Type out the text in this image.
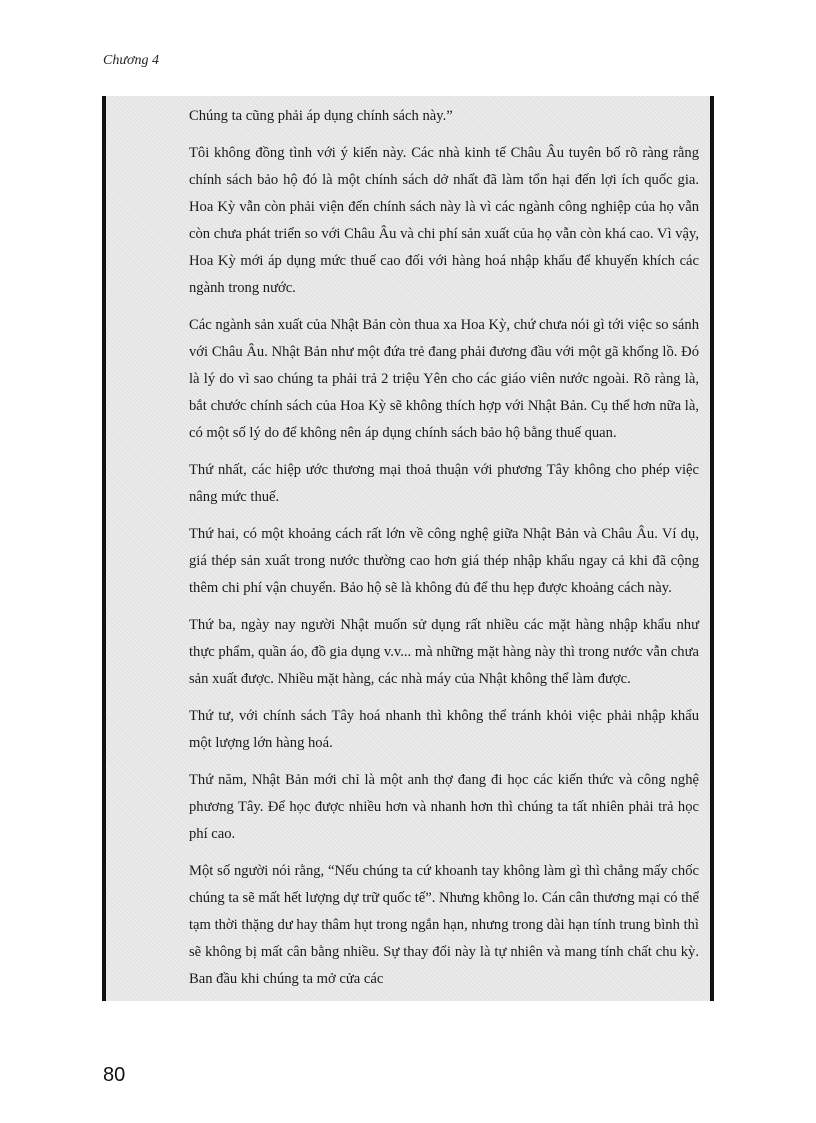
Chương 4

Chúng ta cũng phải áp dụng chính sách này.”

Tôi không đồng tình với ý kiến này. Các nhà kinh tế Châu Âu tuyên bố rõ ràng rằng chính sách bảo hộ đó là một chính sách dở nhất đã làm tổn hại đến lợi ích quốc gia. Hoa Kỳ vẫn còn phải viện đến chính sách này là vì các ngành công nghiệp của họ vẫn còn chưa phát triển so với Châu Âu và chi phí sản xuất của họ vẫn còn khá cao. Vì vậy, Hoa Kỳ mới áp dụng mức thuế cao đối với hàng hoá nhập khẩu để khuyến khích các ngành trong nước.

Các ngành sản xuất của Nhật Bản còn thua xa Hoa Kỳ, chứ chưa nói gì tới việc so sánh với Châu Âu. Nhật Bản như một đứa trẻ đang phải đương đầu với một gã khổng lồ. Đó là lý do vì sao chúng ta phải trả 2 triệu Yên cho các giáo viên nước ngoài. Rõ ràng là, bắt chước chính sách của Hoa Kỳ sẽ không thích hợp với Nhật Bản. Cụ thể hơn nữa là, có một số lý do để không nên áp dụng chính sách bảo hộ bằng thuế quan.

Thứ nhất, các hiệp ước thương mại thoả thuận với phương Tây không cho phép việc nâng mức thuế.

Thứ hai, có một khoảng cách rất lớn về công nghệ giữa Nhật Bản và Châu Âu. Ví dụ, giá thép sản xuất trong nước thường cao hơn giá thép nhập khẩu ngay cả khi đã cộng thêm chi phí vận chuyển. Bảo hộ sẽ là không đủ để thu hẹp được khoảng cách này.

Thứ ba, ngày nay người Nhật muốn sử dụng rất nhiều các mặt hàng nhập khẩu như thực phẩm, quần áo, đồ gia dụng v.v... mà những mặt hàng này thì trong nước vẫn chưa sản xuất được. Nhiều mặt hàng, các nhà máy của Nhật không thể làm được.

Thứ tư, với chính sách Tây hoá nhanh thì không thể tránh khỏi việc phải nhập khẩu một lượng lớn hàng hoá.

Thứ năm, Nhật Bản mới chỉ là một anh thợ đang đi học các kiến thức và công nghệ phương Tây. Để học được nhiều hơn và nhanh hơn thì chúng ta tất nhiên phải trả học phí cao.

Một số người nói rằng, “Nếu chúng ta cứ khoanh tay không làm gì thì chẳng mấy chốc chúng ta sẽ mất hết lượng dự trữ quốc tế”. Nhưng không lo. Cán cân thương mại có thể tạm thời thặng dư hay thâm hụt trong ngắn hạn, nhưng trong dài hạn tính trung bình thì sẽ không bị mất cân bằng nhiều. Sự thay đổi này là tự nhiên và mang tính chất chu kỳ. Ban đầu khi chúng ta mở cửa các

80
